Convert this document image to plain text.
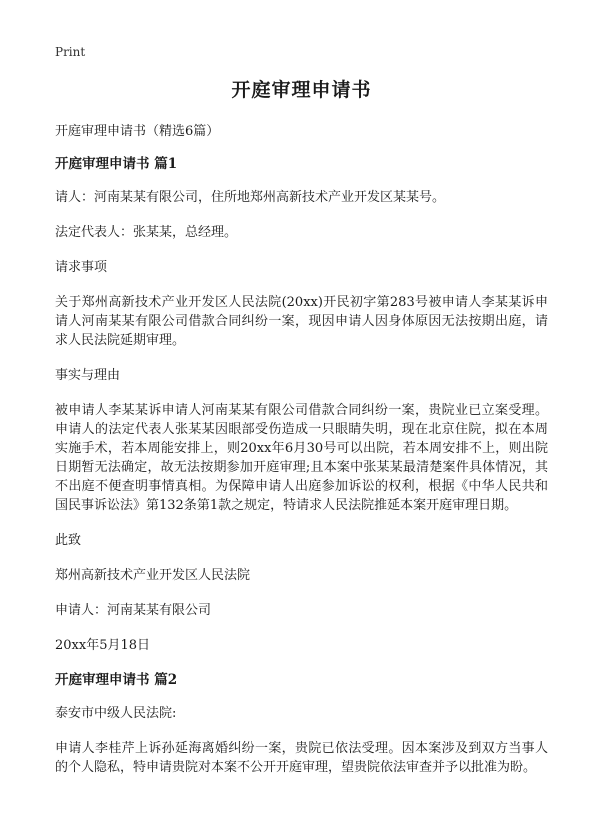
Print
开庭审理申请书

开庭审理申请书（精选6篇）

开庭审理申请书 篇1

请人：河南某某有限公司，住所地郑州高新技术产业开发区某某号。

法定代表人：张某某，总经理。

请求事项

关于郑州高新技术产业开发区人民法院(20xx)开民初字第283号被申请人李某某诉申请人河南某某有限公司借款合同纠纷一案，现因申请人因身体原因无法按期出庭，请求人民法院延期审理。

事实与理由

被申请人李某某诉申请人河南某某有限公司借款合同纠纷一案，贵院业已立案受理。申请人的法定代表人张某某因眼部受伤造成一只眼睛失明，现在北京住院，拟在本周实施手术，若本周能安排上，则20xx年6月30号可以出院，若本周安排不上，则出院日期暂无法确定，故无法按期参加开庭审理;且本案中张某某最清楚案件具体情况，其不出庭不便查明事情真相。为保障申请人出庭参加诉讼的权利，根据《中华人民共和国民事诉讼法》第132条第1款之规定，特请求人民法院推延本案开庭审理日期。

此致

郑州高新技术产业开发区人民法院

申请人：河南某某有限公司

20xx年5月18日

开庭审理申请书 篇2

泰安市中级人民法院:

申请人李桂芹上诉孙延海离婚纠纷一案，贵院已依法受理。因本案涉及到双方当事人的个人隐私，特申请贵院对本案不公开开庭审理，望贵院依法审查并予以批准为盼。
